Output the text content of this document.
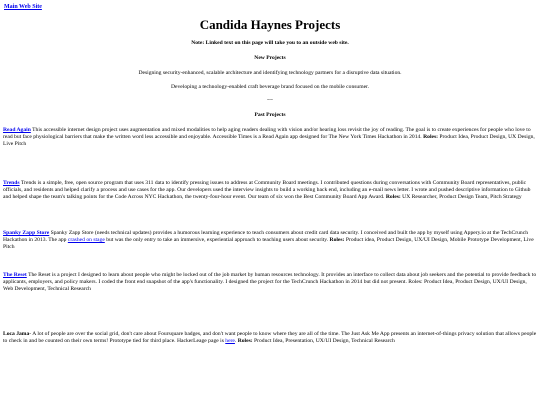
Main Web Site
Candida Haynes Projects
Note: Linked text on this page will take you to an outside web site.
New Projects
Designing security-enhanced, scalable architecture and identifying technology partners for a disruptive data situation.
Developing a technology-enabled craft beverage brand focused on the mobile consumer.
~~
Past Projects
Read Again This accessible internet design project uses augmentation and mixed modalities to help aging readers dealing with vision and/or hearing loss revisit the joy of reading. The goal is to create experiences for people who love to read but face physiological barriers that make the written word less accessible and enjoyable. Accessible Times is a Read Again app designed for The New York Times Hackathon in 2014. Roles: Product Idea, Product Design, UX Design, Live Pitch
Trends Trends is a simple, free, open source program that uses 311 data to identify pressing issues to address at Community Board meetings. I contributed questions during conversations with Community Board representatives, public officials, and residents and helped clarify a process and use cases for the app. Our developers used the interview insights to build a working back end, including an e-mail news letter. I wrote and pushed descriptive information to Github and helped shape the team's talking points for the Code Across NYC Hackathon, the twenty-four-hour event. Our team of six won the Best Community Board App Award. Roles: UX Researcher, Product Design Team, Pitch Strategy
Spanky Zapp Store Spanky Zapp Store (needs technical updates) provides a humorous learning experience to teach consumers about credit card data security. I conceived and built the app by myself using Appery.io at the TechCrunch Hackathon in 2013. The app crashed on stage but was the only entry to take an immersive, experiential approach to teaching users about security. Roles: Product idea, Product Design, UX/UI Design, Mobile Prototype Development, Live Pitch
The Reset The Reset is a project I designed to learn about people who might be locked out of the job market by human resources technology. It provides an interface to collect data about job seekers and the potential to provide feedback to applicants, employers, and policy makers. I coded the front end snapshot of the app's functionality. I designed the project for the TechCrunch Hackathon in 2014 but did not present. Roles: Product Idea, Product Design, UX/UI Design, Web Development, Technical Research
Loca Jama- A lot of people are over the social grid, don't care about Foursquare badges, and don't want people to know where they are all of the time. The Just Ask Me App presents an internet-of-things privacy solution that allows people to check in and be counted on their own terms! Prototype tied for third place. HackerLeage page is here. Roles: Product Idea, Presentation, UX/UI Design, Technical Research
